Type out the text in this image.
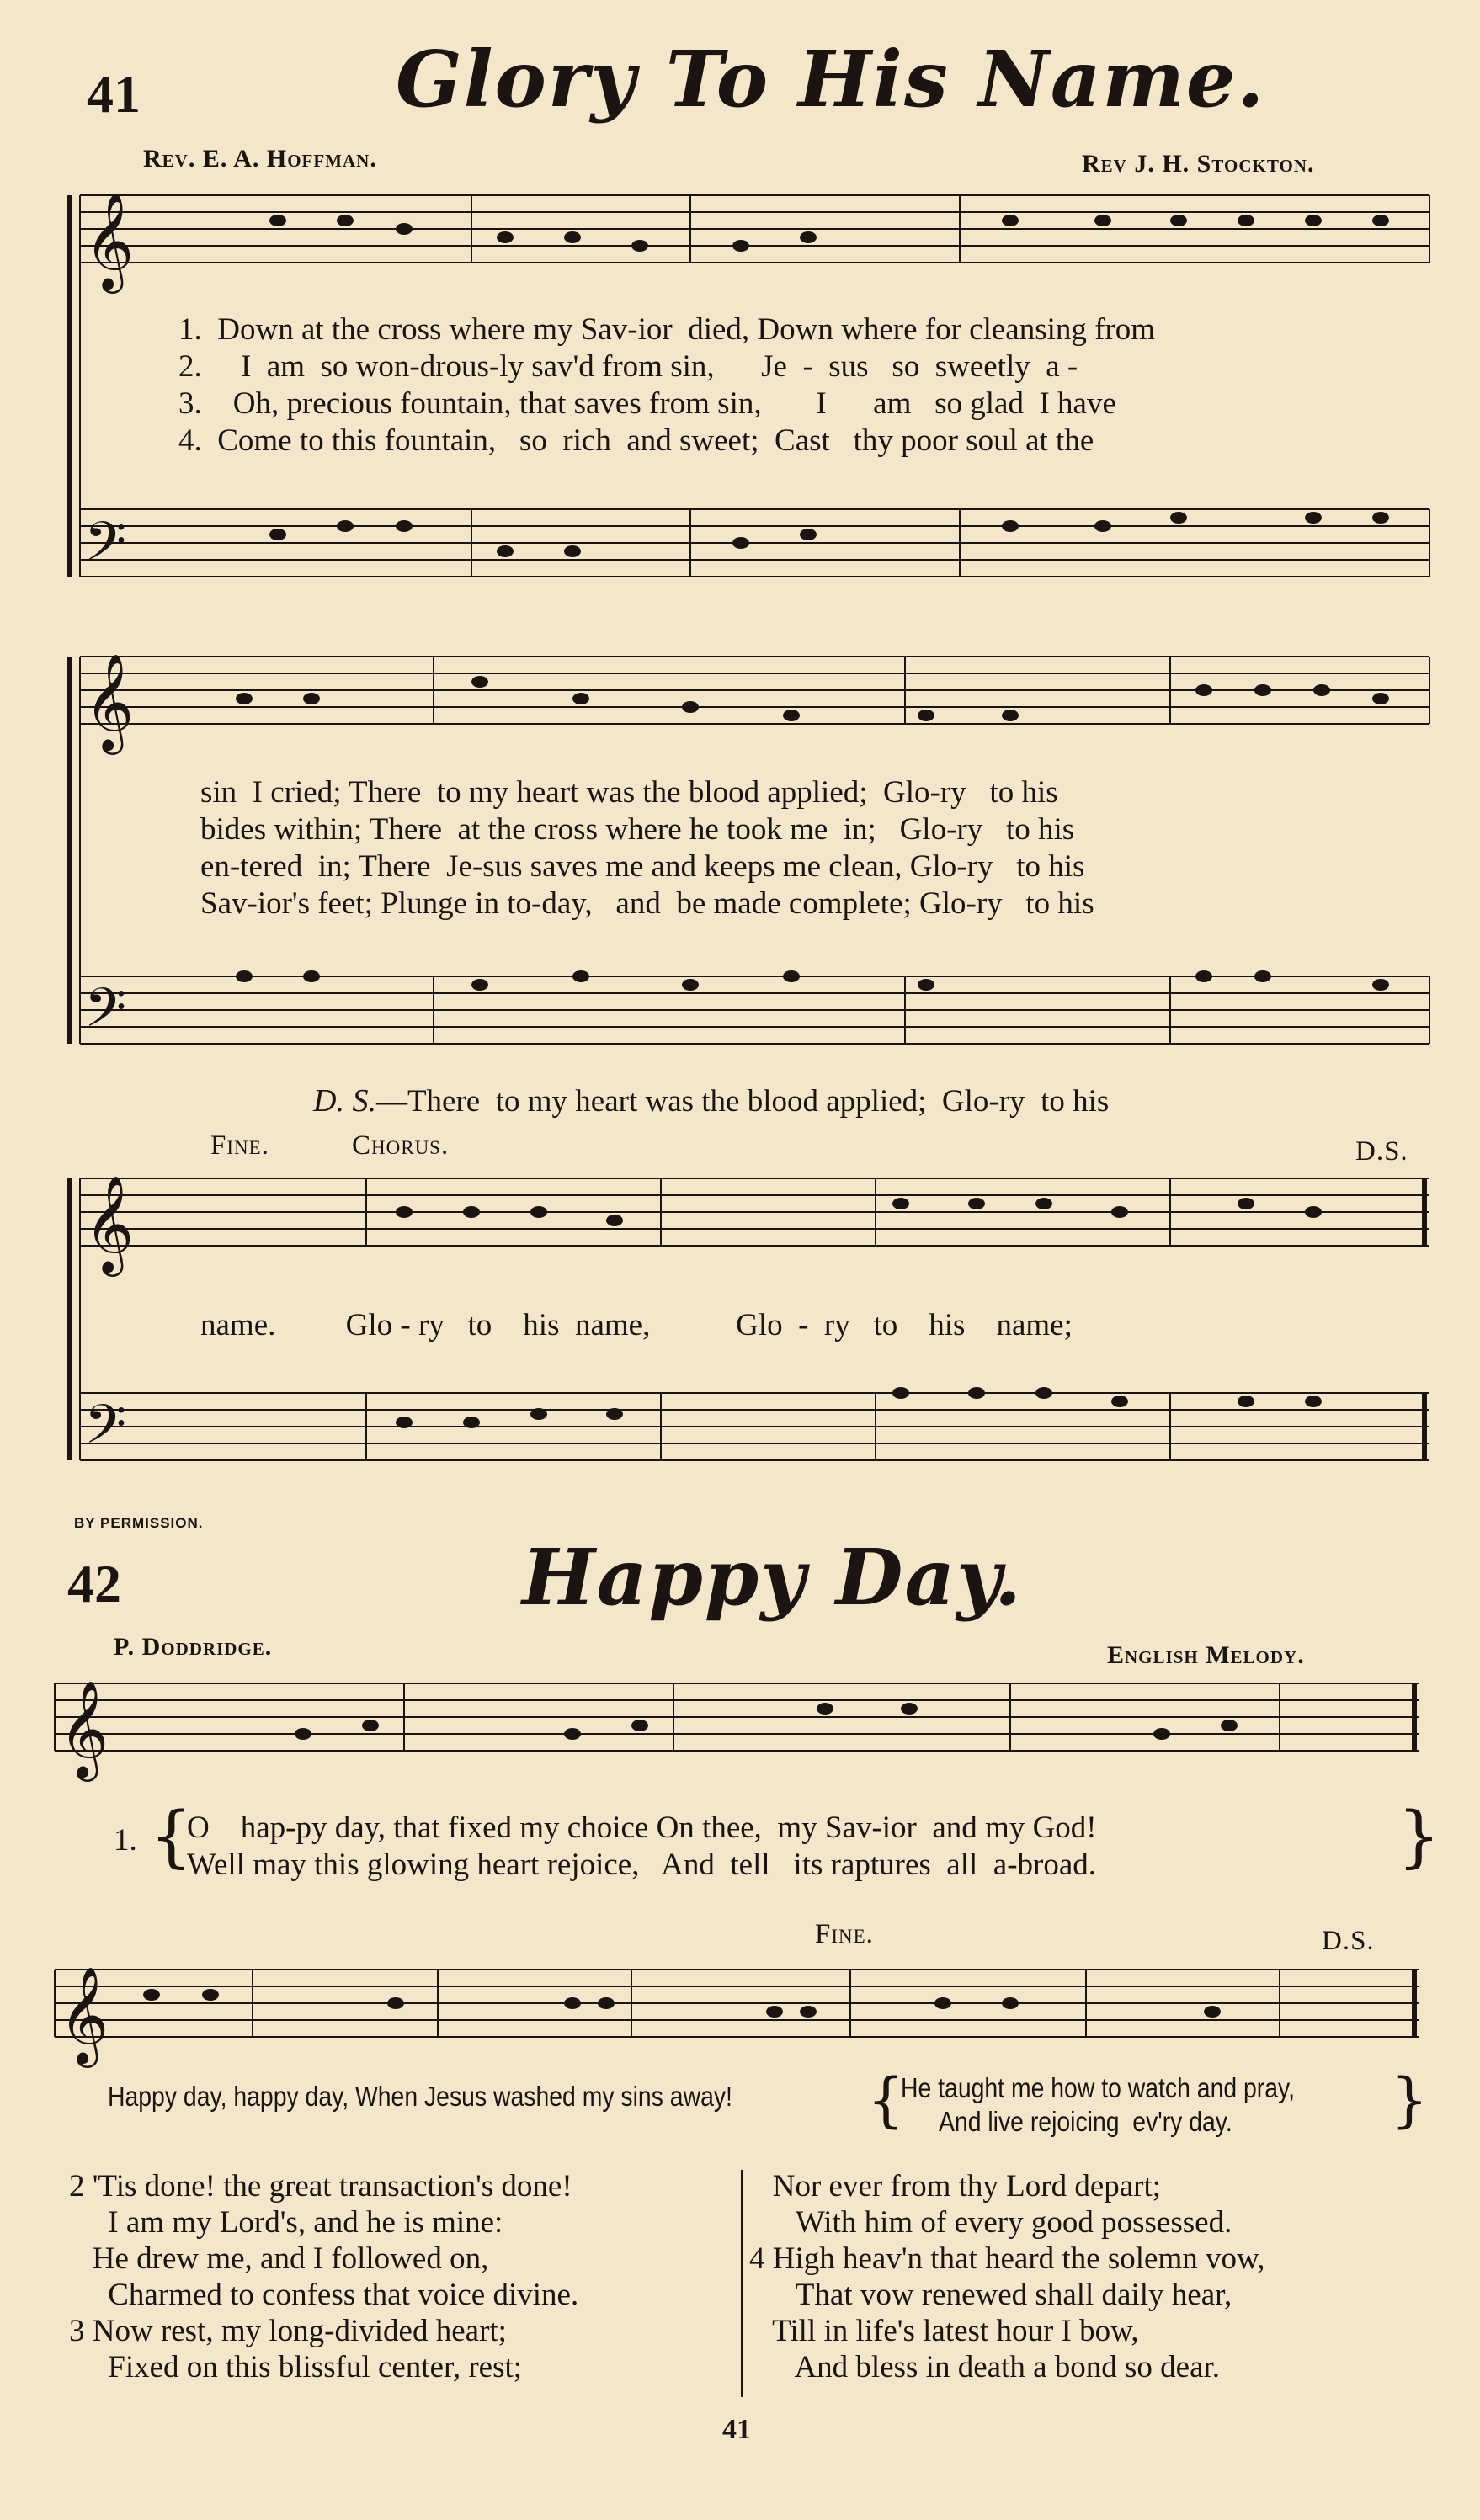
41	Glory To His Name.
Rev. E. A. Hoffman.	Rev J. H. Stockton.
𝄞
𝄢
𝄞
𝄢
𝄞
𝄢
𝄞
𝄞
1.  Down at the cross where my Sav-ior  died, Down where for cleansing from
2.     I  am  so won-drous-ly sav'd from sin,      Je  -  sus   so  sweetly  a -
3.    Oh, precious fountain, that saves from sin,       I      am   so glad  I have
4.  Come to this fountain,   so  rich  and sweet;  Cast   thy poor soul at the
sin  I cried; There  to my heart was the blood applied;  Glo-ry   to his
bides within; There  at the cross where he took me  in;   Glo-ry   to his
en-tered  in; There  Je-sus saves me and keeps me clean, Glo-ry   to his
Sav-ior's feet; Plunge in to-day,   and  be made complete; Glo-ry   to his
D. S.—There  to my heart was the blood applied;  Glo-ry  to his
Fine.	Chorus.	D.S.
name.         Glo - ry   to    his  name,           Glo  -  ry   to    his    name;
BY PERMISSION.
42	Happy Day.
P. Doddridge.	English Melody.
1. {	}
O    hap-py day, that fixed my choice On thee,  my Sav-ior  and my God!
Well may this glowing heart rejoice,   And  tell   its raptures  all  a-broad.
Fine.	D.S.
Happy day, happy day, When Jesus washed my sins away! {	}
He taught me how to watch and pray,
And live rejoicing  ev'ry day.
2 'Tis done! the great transaction's done!
I am my Lord's, and he is mine:
He drew me, and I followed on,
Charmed to confess that voice divine.
3 Now rest, my long-divided heart;
Fixed on this blissful center, rest;
Nor ever from thy Lord depart;
With him of every good possessed.
4 High heav'n that heard the solemn vow,
That vow renewed shall daily hear,
Till in life's latest hour I bow,
And bless in death a bond so dear.
41
